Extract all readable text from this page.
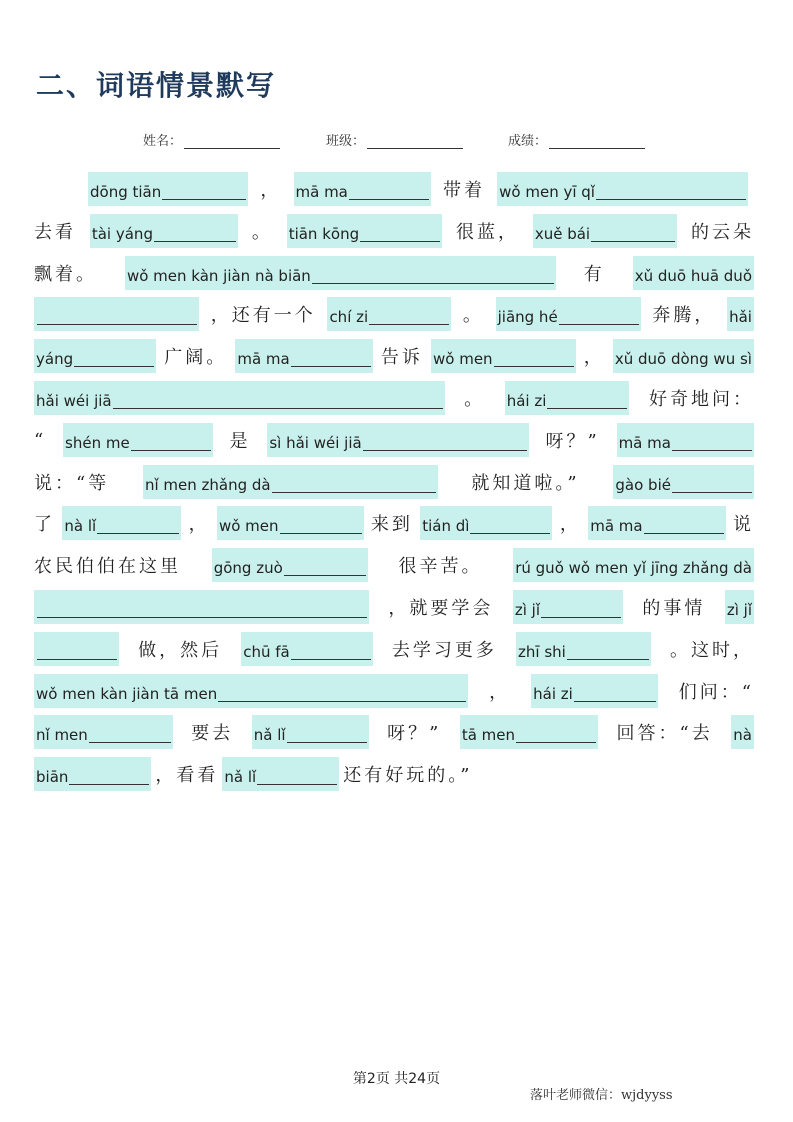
二、词语情景默写
姓名：	班级：	成绩：
dōng tiān	， mā ma	带着 wǒ men yī qǐ
去看 tài yáng	。 tiān kōng	很蓝， xuě bái	的云朵
飘着。 wǒ men kàn jiàn nà biān	有 xǔ duō huā duǒ
，还有一个 chí zi	。 jiāng hé	奔腾， hǎi
yáng	广阔。 mā ma	告诉 wǒ men	， xǔ duō dòng wu sì
hǎi wéi jiā	。 hái zi	好奇地问：
“ shén me	是 sì hǎi wéi jiā	呀？” mā ma
说：“等 nǐ men zhǎng dà	就知道啦。” gào bié
了 nà lǐ	， wǒ men	来到 tián dì	， mā ma	说
农民伯伯在这里 gōng zuò	很辛苦。 rú guǒ wǒ men yǐ jīng zhǎng dà
，就要学会 zì jǐ	的事情 zì jǐ
做，然后 chū fā	去学习更多 zhī shi	。这时，
wǒ men kàn jiàn tā men	， hái zi	们问：“
nǐ men	要去 nǎ lǐ	呀？” tā men	回答：“去 nà
biān	，看看 nǎ lǐ	还有好玩的。”
第2页 共24页
落叶老师微信：wjdyyss
